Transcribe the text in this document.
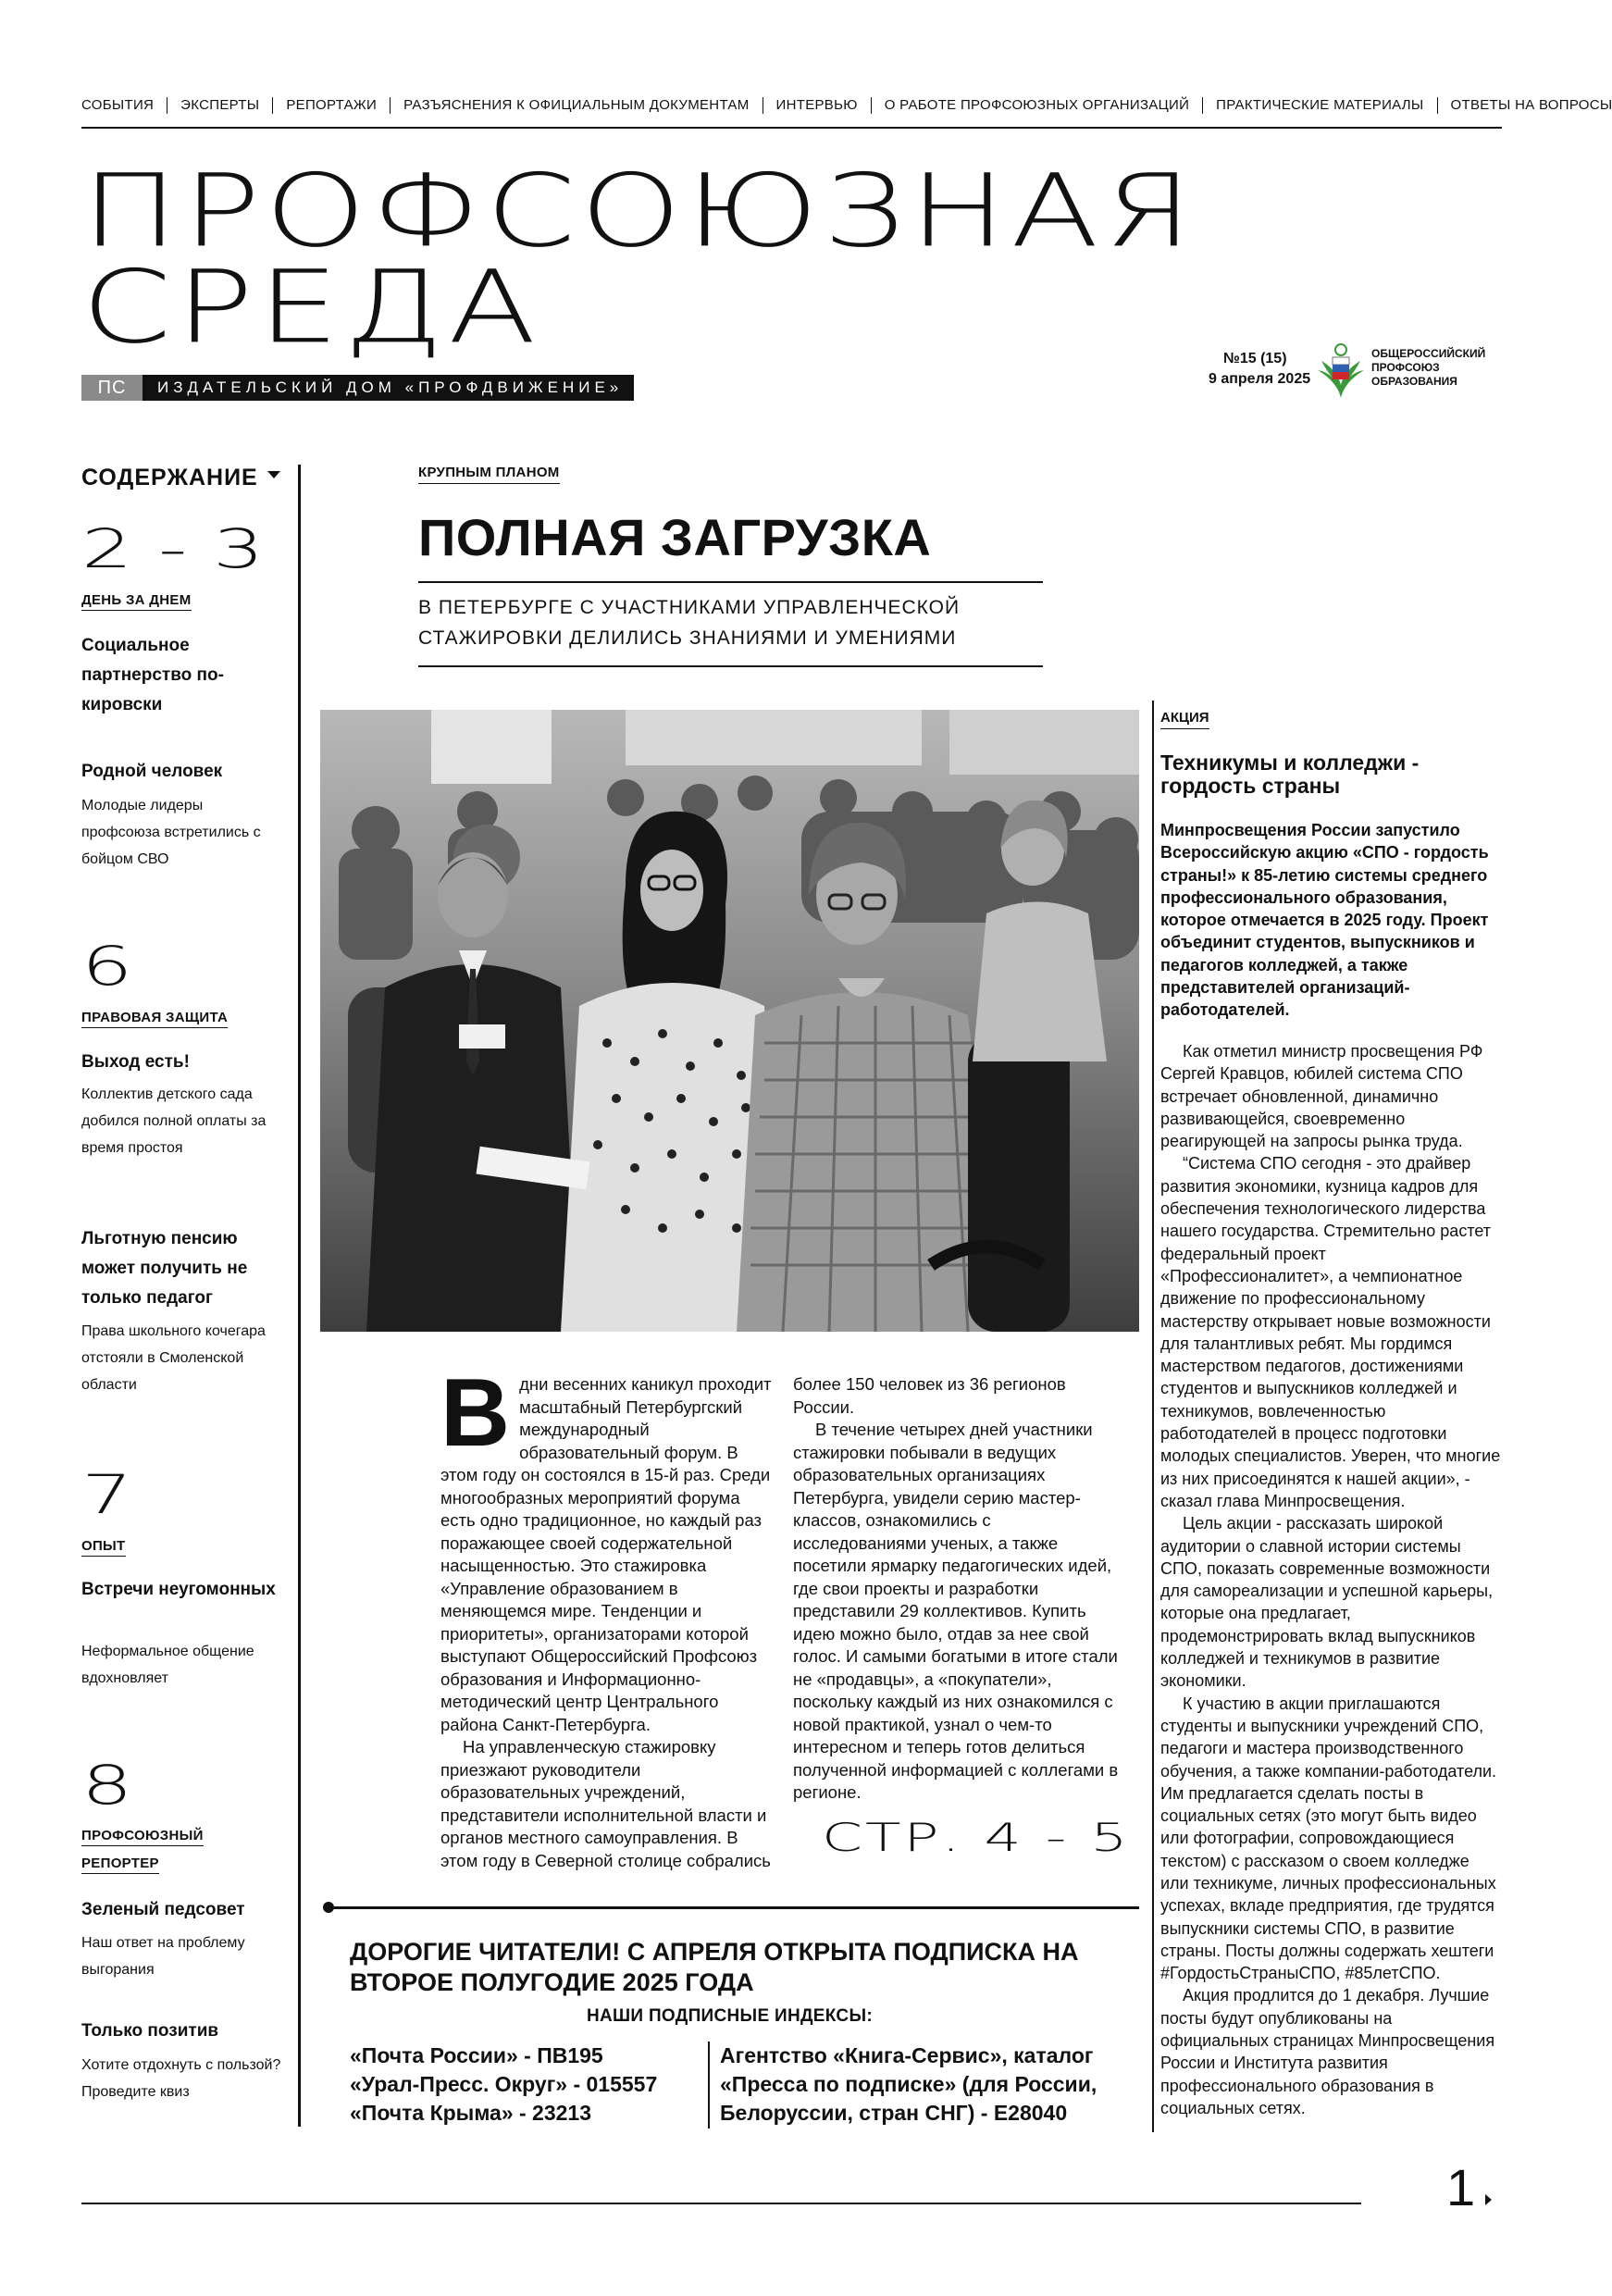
СОБЫТИЯ	ЭКСПЕРТЫ	РЕПОРТАЖИ	РАЗЪЯСНЕНИЯ К ОФИЦИАЛЬНЫМ ДОКУМЕНТАМ	ИНТЕРВЬЮ	О РАБОТЕ ПРОФСОЮЗНЫХ ОРГАНИЗАЦИЙ	ПРАКТИЧЕСКИЕ МАТЕРИАЛЫ	ОТВЕТЫ НА ВОПРОСЫ
ПРОФСОЮЗНАЯ
СРЕДА
ПС	ИЗДАТЕЛЬСКИЙ ДОМ «ПРОФДВИЖЕНИЕ»
№15 (15)
9 апреля 2025
ОБЩЕРОССИЙСКИЙ
ПРОФСОЮЗ
ОБРАЗОВАНИЯ
СОДЕРЖАНИЕ
2 - 3
ДЕНЬ ЗА ДНЕМ
Социальное партнерство по-кировски
Родной человек
Молодые лидеры профсоюза встретились с бойцом СВО
6
ПРАВОВАЯ ЗАЩИТА
Выход есть!
Коллектив детского сада добился полной оплаты за время простоя
Льготную пенсию может получить не только педагог
Права школьного кочегара отстояли в Смоленской области
7
ОПЫТ
Встречи неугомонных
Неформальное общение вдохновляет
8
ПРОФСОЮЗНЫЙ РЕПОРТЕР
Зеленый педсовет
Наш ответ на проблему выгорания
Только позитив
Хотите отдохнуть с пользой? Проведите квиз
КРУПНЫМ ПЛАНОМ
ПОЛНАЯ ЗАГРУЗКА
В ПЕТЕРБУРГЕ С УЧАСТНИКАМИ УПРАВЛЕНЧЕСКОЙ СТАЖИРОВКИ ДЕЛИЛИСЬ ЗНАНИЯМИ И УМЕНИЯМИ
В дни весенних каникул проходит масштабный Петербургский международный образовательный форум. В этом году он состоялся в 15-й раз. Среди многообразных мероприятий форума есть одно традиционное, но каждый раз поражающее своей содержательной насыщенностью. Это стажировка «Управление образованием в меняющемся мире. Тенденции и приоритеты», организаторами которой выступают Общероссийский Профсоюз образования и Информационно-методический центр Центрального района Санкт-Петербурга.

На управленческую стажировку приезжают руководители образовательных учреждений, представители исполнительной власти и органов местного самоуправления. В этом году в Северной столице собрались

более 150 человек из 36 регионов России.

В течение четырех дней участники стажировки побывали в ведущих образовательных организациях Петербурга, увидели серию мастер-классов, ознакомились с исследованиями ученых, а также посетили ярмарку педагогических идей, где свои проекты и разработки представили 29 коллективов. Купить идею можно было, отдав за нее свой голос. И самыми богатыми в итоге стали не «продавцы», а «покупатели», поскольку каждый из них ознакомился с новой практикой, узнал о чем-то интересном и теперь готов делиться полученной информацией с коллегами в регионе.

СТР. 4 - 5
ДОРОГИЕ ЧИТАТЕЛИ! С АПРЕЛЯ ОТКРЫТА ПОДПИСКА НА ВТОРОЕ ПОЛУГОДИЕ 2025 ГОДА
НАШИ ПОДПИСНЫЕ ИНДЕКСЫ:
«Почта России» - ПВ195
«Урал-Пресс. Округ» - 015557
«Почта Крыма» - 23213
Агентство «Книга-Сервис», каталог
«Пресса по подписке» (для России,
Белоруссии, стран СНГ) - Е28040
АКЦИЯ
Техникумы и колледжи - гордость страны
Минпросвещения России запустило Всероссийскую акцию «СПО - гордость страны!» к 85-летию системы среднего профессионального образования, которое отмечается в 2025 году. Проект объединит студентов, выпускников и педагогов колледжей, а также представителей организаций-работодателей.

Как отметил министр просвещения РФ Сергей Кравцов, юбилей система СПО встречает обновленной, динамично развивающейся, своевременно реагирующей на запросы рынка труда.

“Система СПО сегодня - это драйвер развития экономики, кузница кадров для обеспечения технологического лидерства нашего государства. Стремительно растет федеральный проект «Профессионалитет», а чемпионатное движение по профессиональному мастерству открывает новые возможности для талантливых ребят. Мы гордимся мастерством педагогов, достижениями студентов и выпускников колледжей и техникумов, вовлеченностью работодателей в процесс подготовки молодых специалистов. Уверен, что многие из них присоединятся к нашей акции», - сказал глава Минпросвещения.

Цель акции - рассказать широкой аудитории о славной истории системы СПО, показать современные возможности для самореализации и успешной карьеры, которые она предлагает, продемонстрировать вклад выпускников колледжей и техникумов в развитие экономики.

К участию в акции приглашаются студенты и выпускники учреждений СПО, педагоги и мастера производственного обучения, а также компании-работодатели. Им предлагается сделать посты в социальных сетях (это могут быть видео или фотографии, сопровождающиеся текстом) с рассказом о своем колледже или техникуме, личных профессиональных успехах, вкладе предприятия, где трудятся выпускники системы СПО, в развитие страны. Посты должны содержать хештеги #ГордостьСтраныСПО, #85летСПО.

Акция продлится до 1 декабря. Лучшие посты будут опубликованы на официальных страницах Минпросвещения России и Института развития профессионального образования в социальных сетях.

1
